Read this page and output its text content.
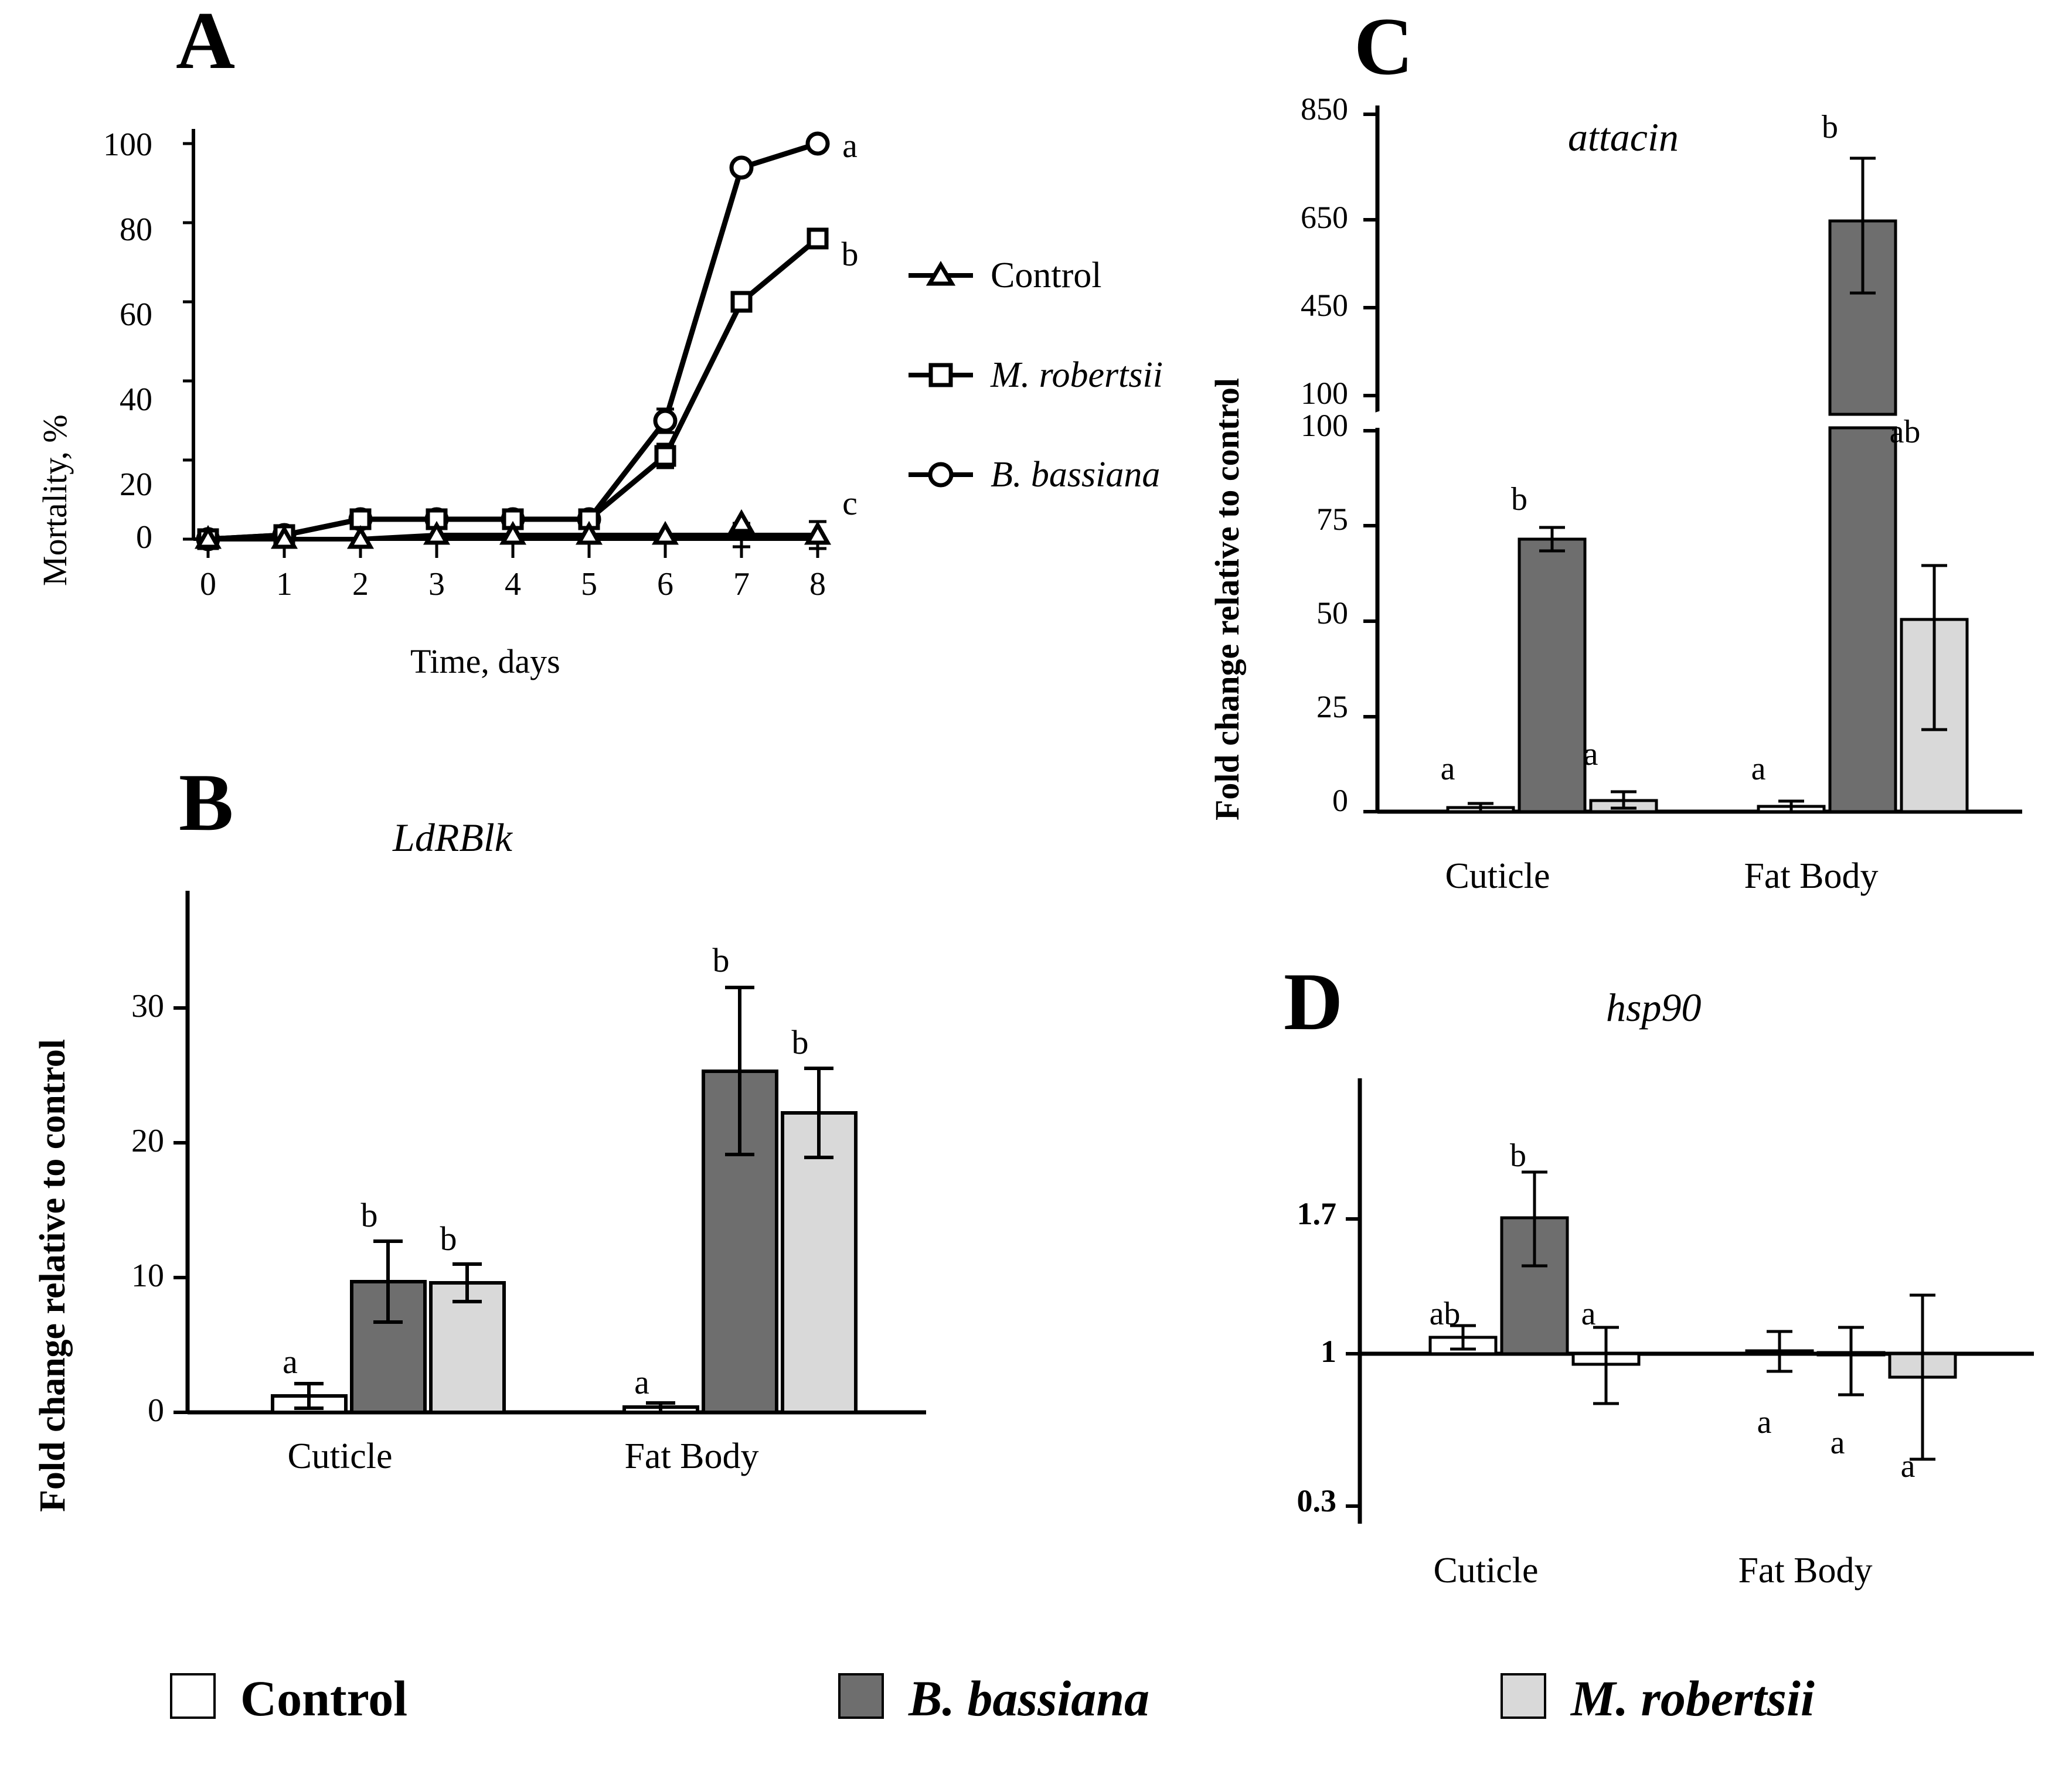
A
Mortality, %
100
80
60
40
20
0
0	1	2	3	4	5	6	7	8
Time, days
a
b
c
Control
M. robertsii
B. bassiana
B	LdRBlk
Fold change relative to control
30
20
10
0
a
b
b
a
b
b
Cuticle	Fat Body
C
attacin
Fold change relative to control
850
650
450
100
100
75
50
25
0
a
b
a	a
b
ab
Cuticle	Fat Body
D	hsp90
1.7
1
0.3
ab
b
a
a
a
a
Cuticle	Fat Body
Control	B. bassiana	M. robertsii
